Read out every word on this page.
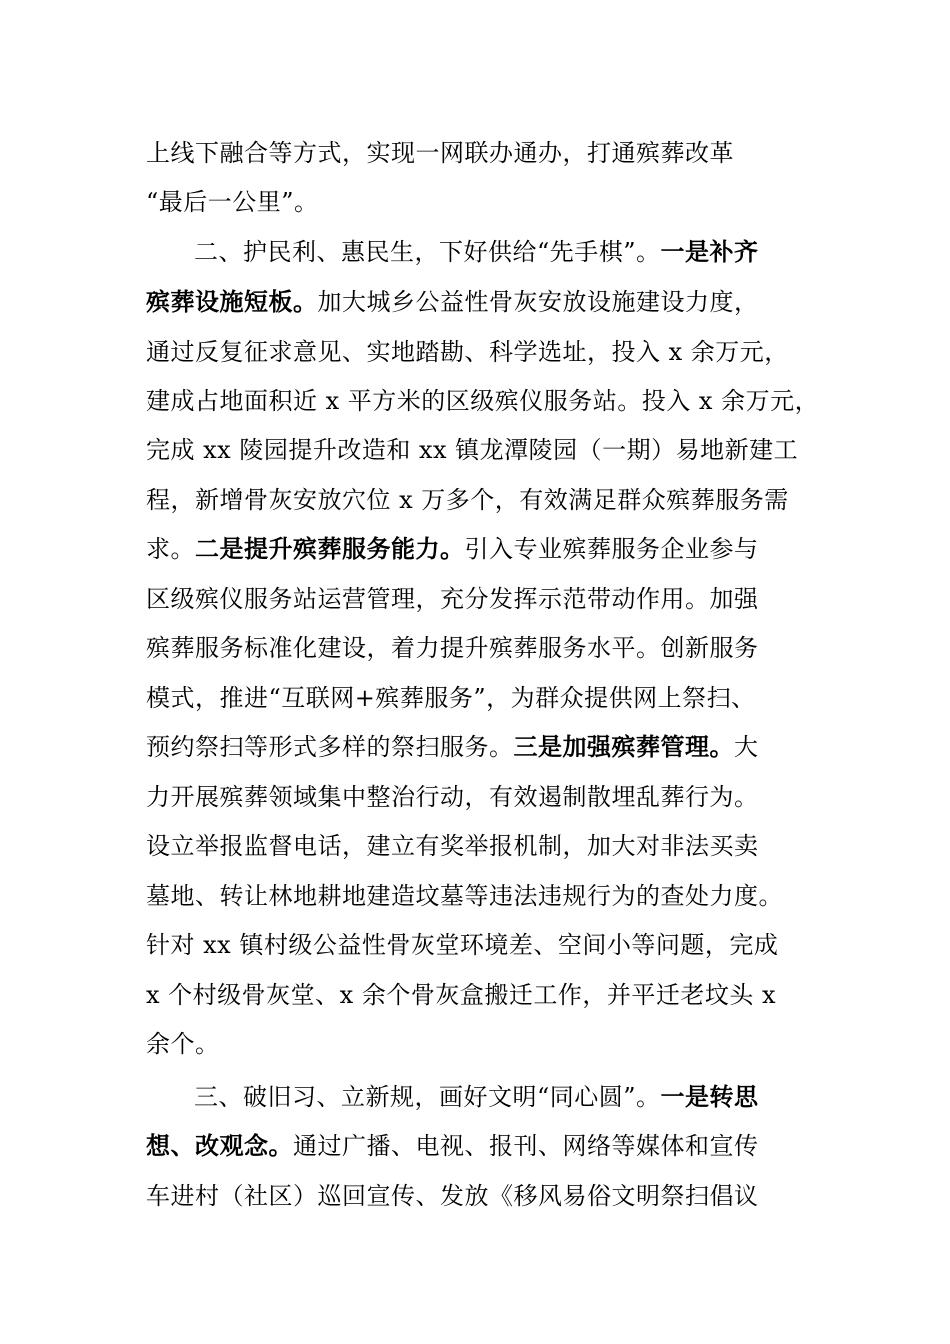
上线下融合等方式，实现一网联办通办，打通殡葬改革
“最后一公里”。
二、护民利、惠民生，下好供给“先手棋”。一是补齐
殡葬设施短板。加大城乡公益性骨灰安放设施建设力度，
通过反复征求意见、实地踏勘、科学选址，投入 x 余万元，
建成占地面积近 x 平方米的区级殡仪服务站。投入 x 余万元，
完成 xx 陵园提升改造和 xx 镇龙潭陵园（一期）易地新建工
程，新增骨灰安放穴位 x 万多个，有效满足群众殡葬服务需
求。二是提升殡葬服务能力。引入专业殡葬服务企业参与
区级殡仪服务站运营管理，充分发挥示范带动作用。加强
殡葬服务标准化建设，着力提升殡葬服务水平。创新服务
模式，推进“互联网+殡葬服务”，为群众提供网上祭扫、
预约祭扫等形式多样的祭扫服务。三是加强殡葬管理。大
力开展殡葬领域集中整治行动，有效遏制散埋乱葬行为。
设立举报监督电话，建立有奖举报机制，加大对非法买卖
墓地、转让林地耕地建造坟墓等违法违规行为的查处力度。
针对 xx 镇村级公益性骨灰堂环境差、空间小等问题，完成
x 个村级骨灰堂、x 余个骨灰盒搬迁工作，并平迁老坟头 x
余个。
三、破旧习、立新规，画好文明“同心圆”。一是转思
想、改观念。通过广播、电视、报刊、网络等媒体和宣传
车进村（社区）巡回宣传、发放《移风易俗文明祭扫倡议
